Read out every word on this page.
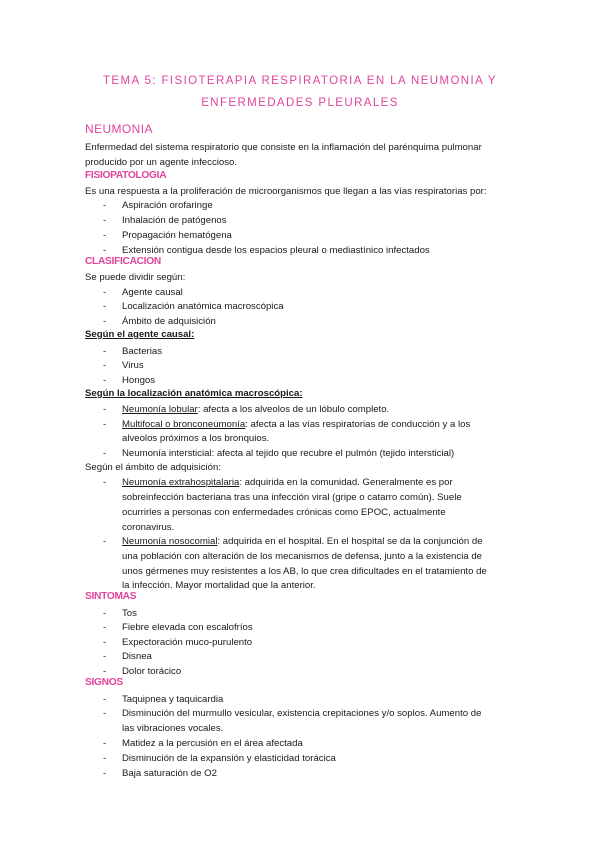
TEMA 5: FISIOTERAPIA RESPIRATORIA EN LA NEUMONIA Y
ENFERMEDADES PLEURALES
NEUMONIA
Enfermedad del sistema respiratorio que consiste en la inflamación del parénquima pulmonar
producido por un agente infeccioso.
FISIOPATOLOGIA
Es una respuesta a la proliferación de microorganismos que llegan a las vías respiratorias por:
- Aspiración orofaringe
- Inhalación de patógenos
- Propagación hematógena
- Extensión contigua desde los espacios pleural o mediastínico infectados
CLASIFICACION
Se puede dividir según:
- Agente causal
- Localización anatómica macroscópica
- Ámbito de adquisición
Según el agente causal:
- Bacterias
- Virus
- Hongos
Según la localización anatómica macroscópica:
- Neumonía lobular: afecta a los alveolos de un lóbulo completo.
- Multifocal o bronconeumonía: afecta a las vías respiratorias de conducción y a los
alveolos próximos a los bronquios.
- Neumonía intersticial: afecta al tejido que recubre el pulmón (tejido intersticial)
Según el ámbito de adquisición:
- Neumonía extrahospitalaria: adquirida en la comunidad. Generalmente es por
sobreinfección bacteriana tras una infección viral (gripe o catarro común). Suele
ocurrirles a personas con enfermedades crónicas como EPOC, actualmente
coronavirus.
- Neumonía nosocomial: adquirida en el hospital. En el hospital se da la conjunción de
una población con alteración de los mecanismos de defensa, junto a la existencia de
unos gérmenes muy resistentes a los AB, lo que crea dificultades en el tratamiento de
la infección. Mayor mortalidad que la anterior.
SINTOMAS
- Tos
- Fiebre elevada con escalofríos
- Expectoración muco-purulento
- Disnea
- Dolor torácico
SIGNOS
- Taquipnea y taquicardia
- Disminución del murmullo vesicular, existencia crepitaciones y/o soplos. Aumento de
las vibraciones vocales.
- Matidez a la percusión en el área afectada
- Disminución de la expansión y elasticidad torácica
- Baja saturación de O2
